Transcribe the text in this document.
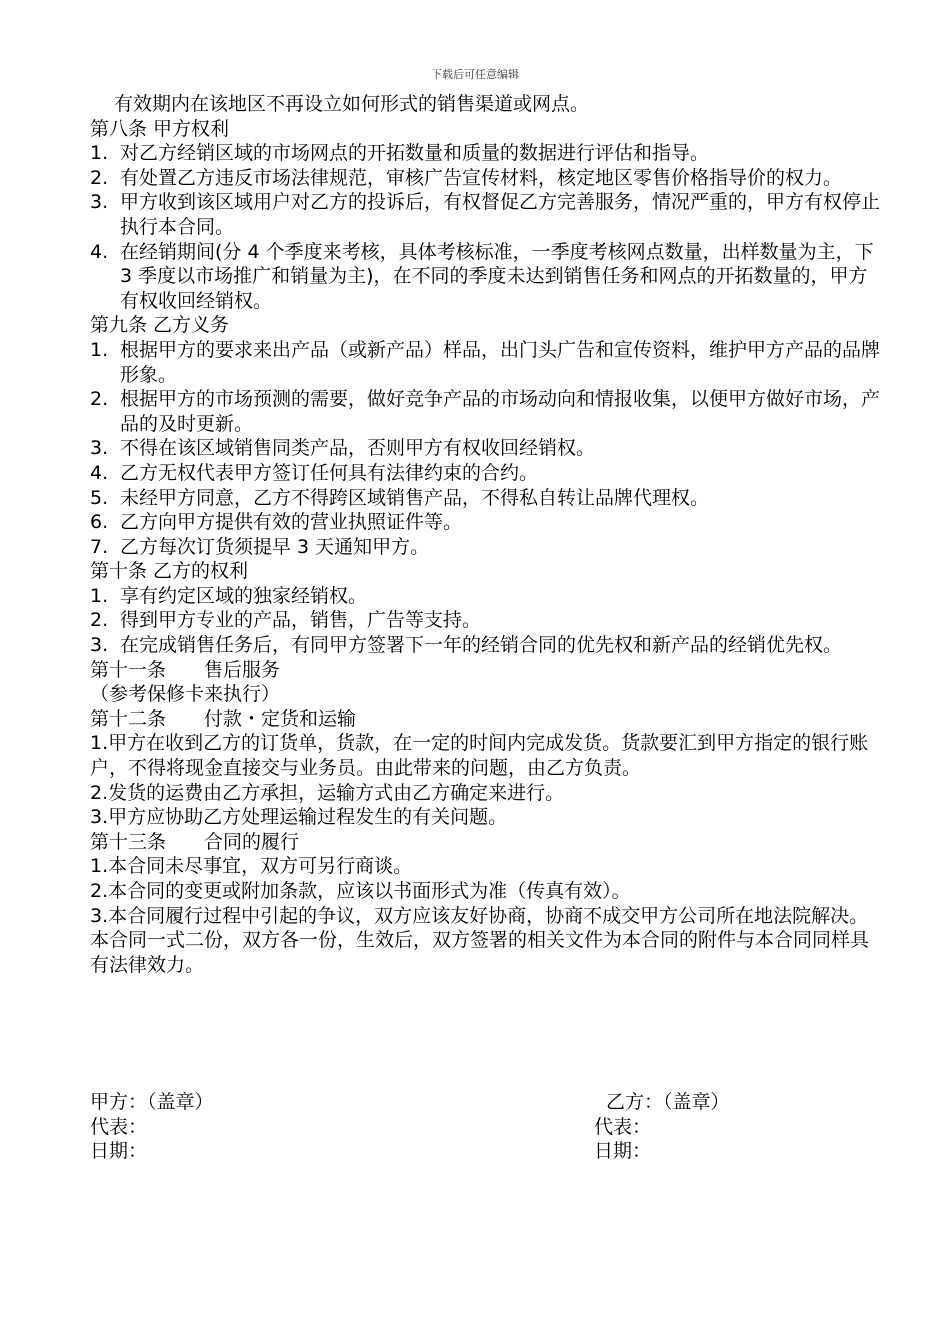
下载后可任意编辑

有效期内在该地区不再设立如何形式的销售渠道或网点。

第八条 甲方权利

1. 对乙方经销区域的市场网点的开拓数量和质量的数据进行评估和指导。
2. 有处置乙方违反市场法律规范，审核广告宣传材料，核定地区零售价格指导价的权力。
3. 甲方收到该区域用户对乙方的投诉后，有权督促乙方完善服务，情况严重的，甲方有权停止执行本合同。
4. 在经销期间(分 4 个季度来考核，具体考核标准，一季度考核网点数量，出样数量为主，下 3 季度以市场推广和销量为主)，在不同的季度未达到销售任务和网点的开拓数量的，甲方有权收回经销权。

第九条 乙方义务

1. 根据甲方的要求来出产品（或新产品）样品，出门头广告和宣传资料，维护甲方产品的品牌形象。
2. 根据甲方的市场预测的需要，做好竞争产品的市场动向和情报收集，以便甲方做好市场，产品的及时更新。
3. 不得在该区域销售同类产品，否则甲方有权收回经销权。
4. 乙方无权代表甲方签订任何具有法律约束的合约。
5. 未经甲方同意，乙方不得跨区域销售产品，不得私自转让品牌代理权。
6. 乙方向甲方提供有效的营业执照证件等。
7. 乙方每次订货须提早 3 天通知甲方。

第十条 乙方的权利

1. 享有约定区域的独家经销权。
2. 得到甲方专业的产品，销售，广告等支持。
3. 在完成销售任务后，有同甲方签署下一年的经销合同的优先权和新产品的经销优先权。

第十一条　　售后服务

（参考保修卡来执行）

第十二条　　付款・定货和运输

1.甲方在收到乙方的订货单，货款，在一定的时间内完成发货。货款要汇到甲方指定的银行账户，不得将现金直接交与业务员。由此带来的问题，由乙方负责。

2.发货的运费由乙方承担，运输方式由乙方确定来进行。

3.甲方应协助乙方处理运输过程发生的有关问题。

第十三条　　合同的履行

1.本合同未尽事宜，双方可另行商谈。

2.本合同的变更或附加条款，应该以书面形式为准（传真有效）。

3.本合同履行过程中引起的争议，双方应该友好协商，协商不成交甲方公司所在地法院解决。

本合同一式二份，双方各一份，生效后，双方签署的相关文件为本合同的附件与本合同同样具有法律效力。

甲方：（盖章）	乙方：（盖章）
代表：	代表：
日期：	日期：
